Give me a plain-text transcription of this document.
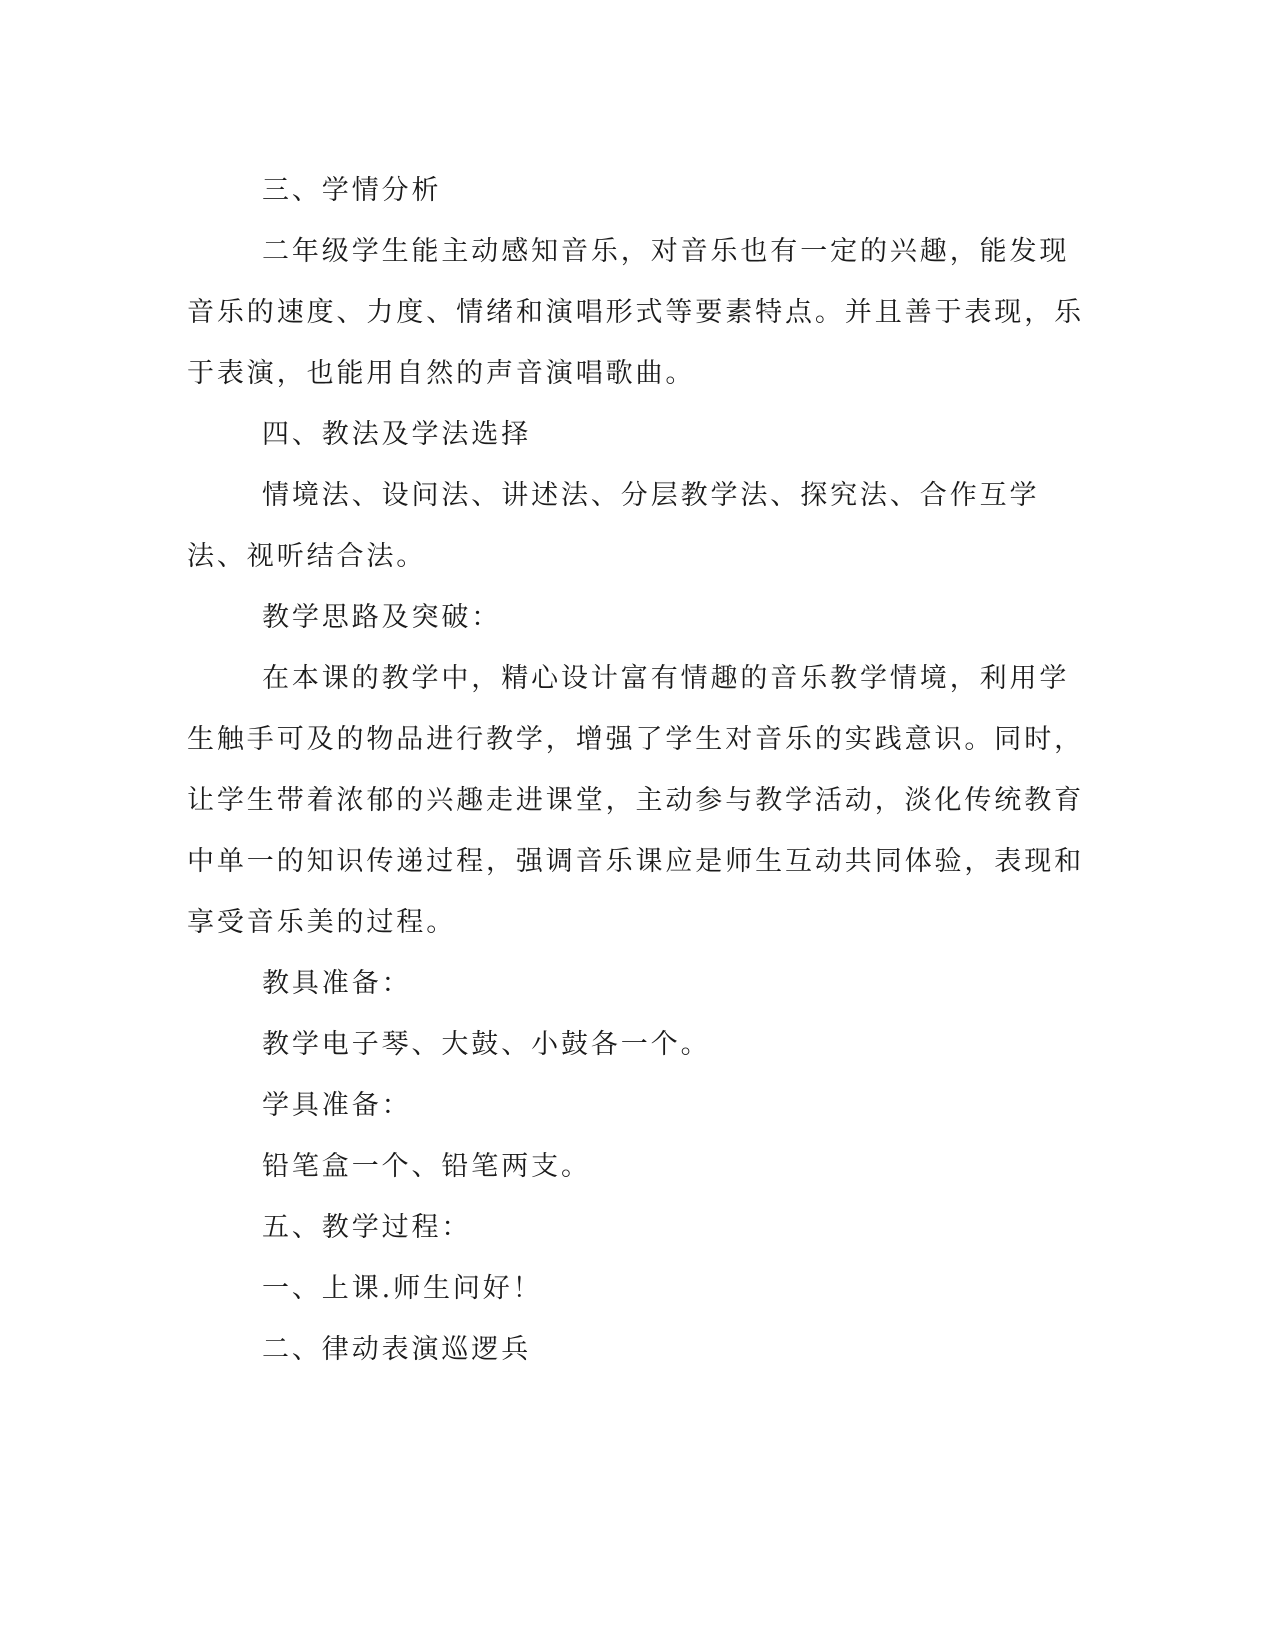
三、学情分析

二年级学生能主动感知音乐，对音乐也有一定的兴趣，能发现音乐的速度、力度、情绪和演唱形式等要素特点。并且善于表现，乐于表演，也能用自然的声音演唱歌曲。

四、教法及学法选择

情境法、设问法、讲述法、分层教学法、探究法、合作互学法、视听结合法。

教学思路及突破：

在本课的教学中，精心设计富有情趣的音乐教学情境，利用学生触手可及的物品进行教学，增强了学生对音乐的实践意识。同时，让学生带着浓郁的兴趣走进课堂，主动参与教学活动，淡化传统教育中单一的知识传递过程，强调音乐课应是师生互动共同体验，表现和享受音乐美的过程。

教具准备：

教学电子琴、大鼓、小鼓各一个。

学具准备：

铅笔盒一个、铅笔两支。

五、教学过程：

一、上课.师生问好！

二、律动表演巡逻兵
